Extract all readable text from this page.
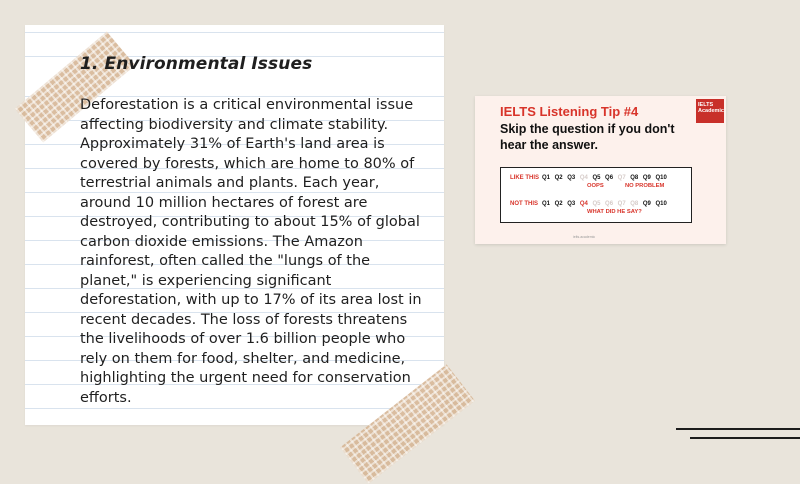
1. Environmental Issues

Deforestation is a critical environmental issue affecting biodiversity and climate stability. Approximately 31% of Earth's land area is covered by forests, which are home to 80% of terrestrial animals and plants. Each year, around 10 million hectares of forest are destroyed, contributing to about 15% of global carbon dioxide emissions. The Amazon rainforest, often called the "lungs of the planet," is experiencing significant deforestation, with up to 17% of its area lost in recent decades. The loss of forests threatens the livelihoods of over 1.6 billion people who rely on them for food, shelter, and medicine, highlighting the urgent need for conservation efforts.

IELTS Listening Tip #4
Skip the question if you don't hear the answer.
IELTS Academic
LIKE THIS Q1 Q2 Q3 Q4 Q5 Q6 Q7 Q8 Q9 Q10
OOPS	NO PROBLEM
NOT THIS Q1 Q2 Q3 Q4 Q5 Q6 Q7 Q8 Q9 Q10
WHAT DID HE SAY?
ielts.academic
